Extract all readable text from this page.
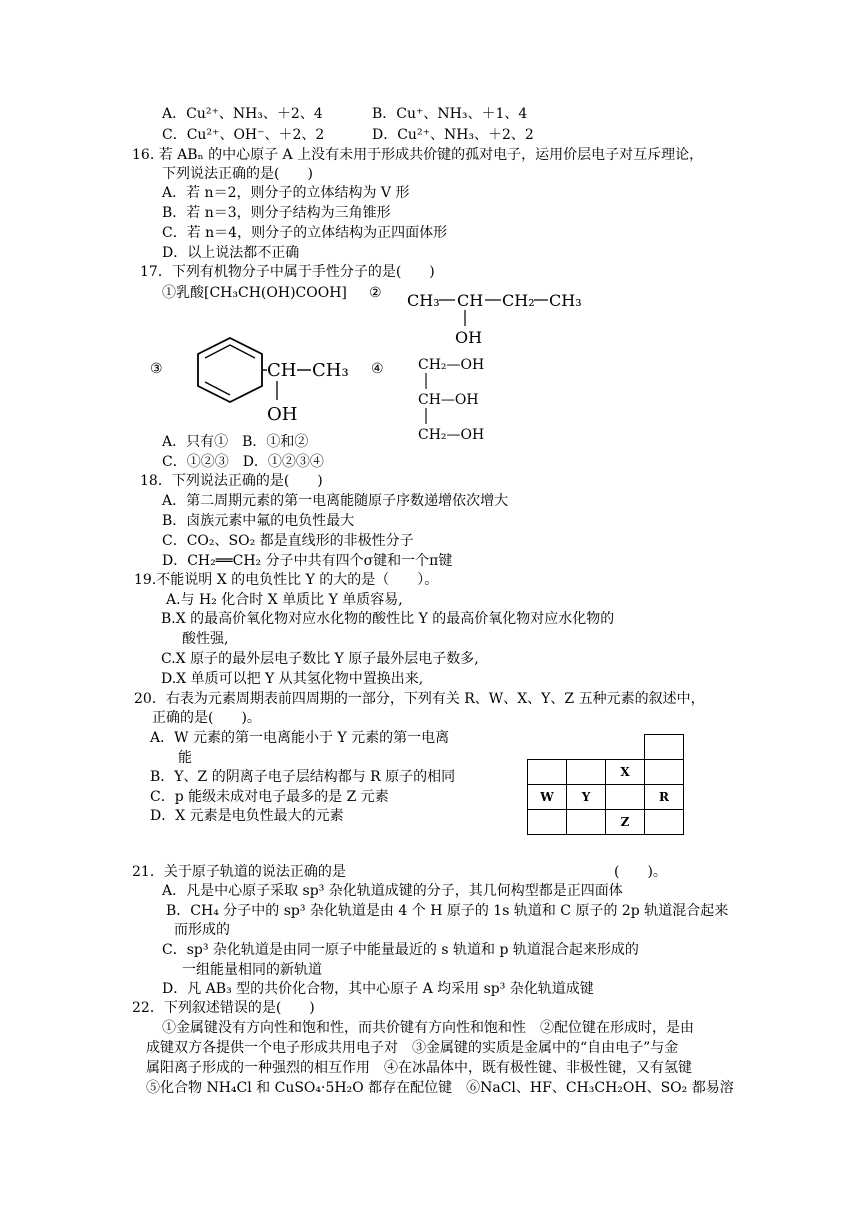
A．Cu²⁺、NH₃、＋2、4	B．Cu⁺、NH₃、＋1、4
C．Cu²⁺、OH⁻、＋2、2	D．Cu²⁺、NH₃、＋2、2
16. 若 ABₙ 的中心原子 A 上没有未用于形成共价键的孤对电子，运用价层电子对互斥理论，
下列说法正确的是(　　)
A．若 n＝2，则分子的立体结构为 V 形
B．若 n＝3，则分子结构为三角锥形
C．若 n＝4，则分子的立体结构为正四面体形
D．以上说法都不正确
17．下列有机物分子中属于手性分子的是(　　)
①乳酸[CH₃CH(OH)COOH] ② CH₃ CH CH₂ CH₃
OH
③	CH CH₃
OH
④ CH₂—OH
CH—OH
CH₂—OH
A．只有①　B．①和②
C．①②③　D．①②③④
18．下列说法正确的是(　　)
A．第二周期元素的第一电离能随原子序数递增依次增大
B．卤族元素中氟的电负性最大
C．CO₂、SO₂ 都是直线形的非极性分子
D．CH₂══CH₂ 分子中共有四个σ键和一个π键
19.不能说明 X 的电负性比 Y 的大的是（　　）。
A.与 H₂ 化合时 X 单质比 Y 单质容易,
B.X 的最高价氧化物对应水化物的酸性比 Y 的最高价氧化物对应水化物的
酸性强,
C.X 原子的最外层电子数比 Y 原子最外层电子数多,
D.X 单质可以把 Y 从其氢化物中置换出来,
20．右表为元素周期表前四周期的一部分，下列有关 R、W、X、Y、Z 五种元素的叙述中，
正确的是(　　)。
A．W 元素的第一电离能小于 Y 元素的第一电离
能
B．Y、Z 的阴离子电子层结构都与 R 原子的相同
C．p 能级未成对电子最多的是 Z 元素
D．X 元素是电负性最大的元素

		X	
W	Y		R
		Z	
21．关于原子轨道的说法正确的是	(　　)。
A．凡是中心原子采取 sp³ 杂化轨道成键的分子，其几何构型都是正四面体
B．CH₄ 分子中的 sp³ 杂化轨道是由 4 个 H 原子的 1s 轨道和 C 原子的 2p 轨道混合起来
而形成的
C．sp³ 杂化轨道是由同一原子中能量最近的 s 轨道和 p 轨道混合起来形成的
一组能量相同的新轨道
D．凡 AB₃ 型的共价化合物，其中心原子 A 均采用 sp³ 杂化轨道成键
22．下列叙述错误的是(　　)
①金属键没有方向性和饱和性，而共价键有方向性和饱和性　②配位键在形成时，是由
成键双方各提供一个电子形成共用电子对　③金属键的实质是金属中的“自由电子”与金
属阳离子形成的一种强烈的相互作用　④在冰晶体中，既有极性键、非极性键，又有氢键
⑤化合物 NH₄Cl 和 CuSO₄·5H₂O 都存在配位键　⑥NaCl、HF、CH₃CH₂OH、SO₂ 都易溶
